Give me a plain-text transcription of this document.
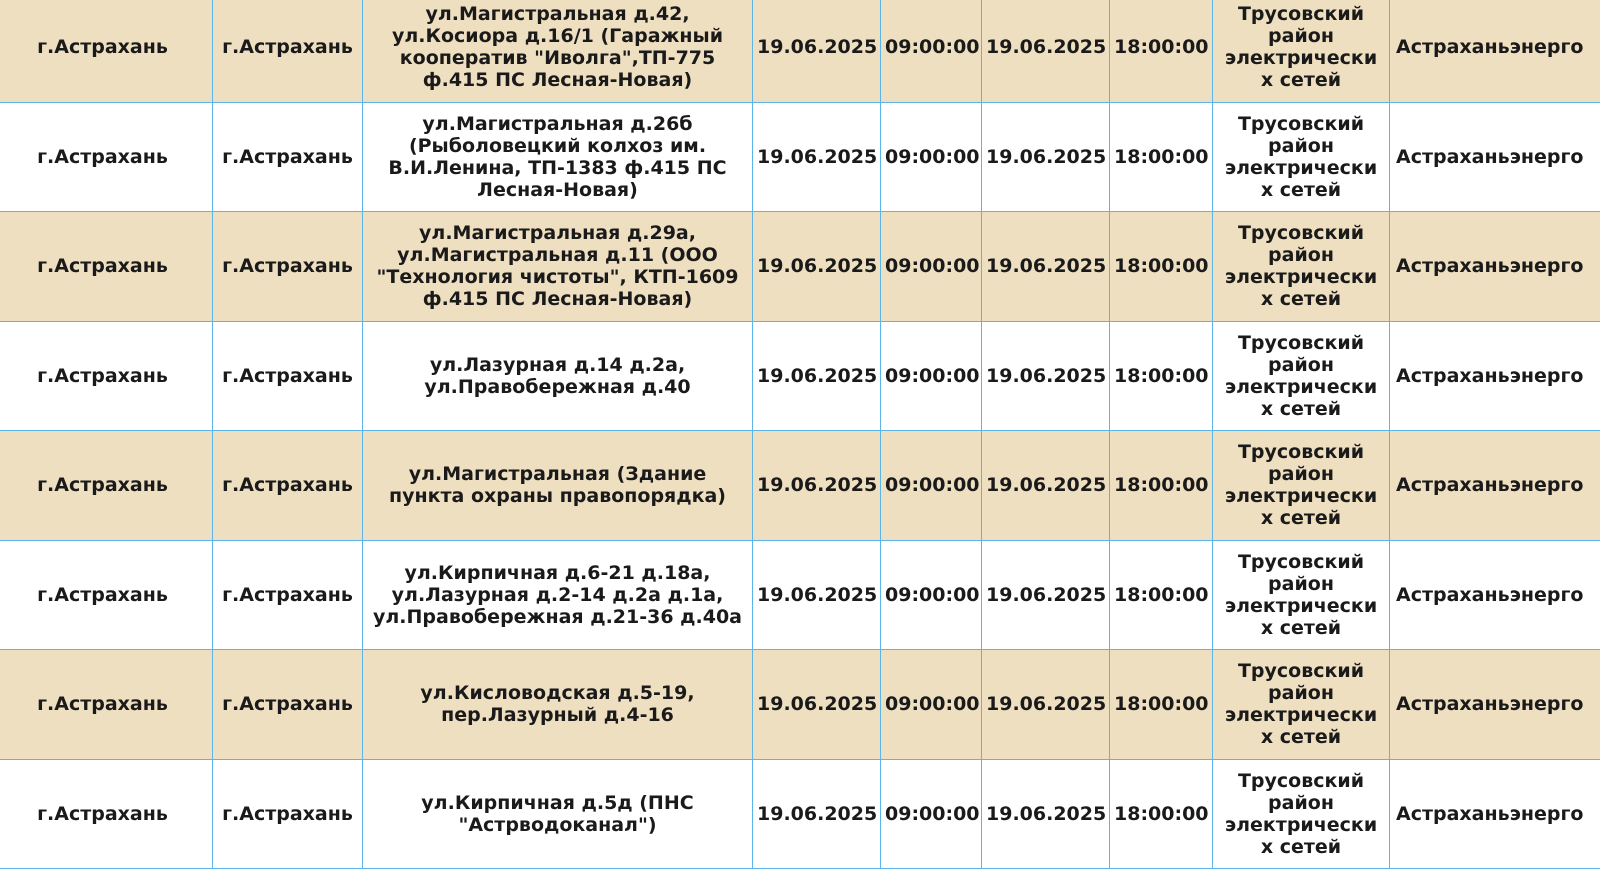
г.Астрахань	г.Астрахань	ул.Магистральная д.42, ул.Косиора д.16/1 (Гаражный кооператив "Иволга",ТП-775 ф.415 ПС Лесная-Новая)	19.06.2025	09:00:00	19.06.2025	18:00:00	Трусовский район электрических сетей	Астраханьэнерго
г.Астрахань	г.Астрахань	ул.Магистральная д.26б (Рыболовецкий колхоз им. В.И.Ленина, ТП-1383 ф.415 ПС Лесная-Новая)	19.06.2025	09:00:00	19.06.2025	18:00:00	Трусовский район электрических сетей	Астраханьэнерго
г.Астрахань	г.Астрахань	ул.Магистральная д.29а, ул.Магистральная д.11 (ООО "Технология чистоты", КТП-1609 ф.415 ПС Лесная-Новая)	19.06.2025	09:00:00	19.06.2025	18:00:00	Трусовский район электрических сетей	Астраханьэнерго
г.Астрахань	г.Астрахань	ул.Лазурная д.14 д.2а, ул.Правобережная д.40	19.06.2025	09:00:00	19.06.2025	18:00:00	Трусовский район электрических сетей	Астраханьэнерго
г.Астрахань	г.Астрахань	ул.Магистральная (Здание пункта охраны правопорядка)	19.06.2025	09:00:00	19.06.2025	18:00:00	Трусовский район электрических сетей	Астраханьэнерго
г.Астрахань	г.Астрахань	ул.Кирпичная д.6-21 д.18а, ул.Лазурная д.2-14 д.2а д.1а, ул.Правобережная д.21-36 д.40а	19.06.2025	09:00:00	19.06.2025	18:00:00	Трусовский район электрических сетей	Астраханьэнерго
г.Астрахань	г.Астрахань	ул.Кисловодская д.5-19, пер.Лазурный д.4-16	19.06.2025	09:00:00	19.06.2025	18:00:00	Трусовский район электрических сетей	Астраханьэнерго
г.Астрахань	г.Астрахань	ул.Кирпичная д.5д (ПНС "Астрводоканал")	19.06.2025	09:00:00	19.06.2025	18:00:00	Трусовский район электрических сетей	Астраханьэнерго
